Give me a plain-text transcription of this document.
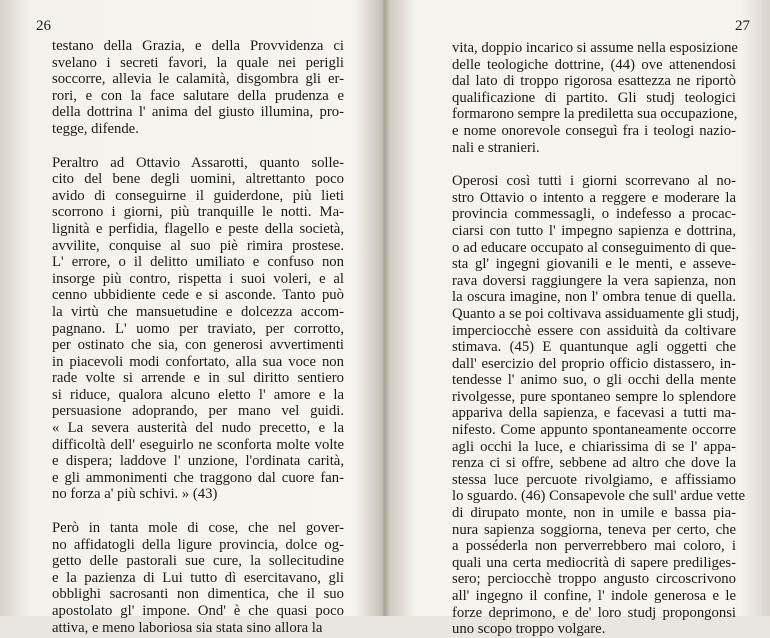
26
testano della Grazia, e della Provvidenza ci
svelano i secreti favori, la quale nei perigli
soccorre, allevia le calamità, disgombra gli er-
rori, e con la face salutare della prudenza e
della dottrina l' anima del giusto illumina, pro-
tegge, difende.
Peraltro ad Ottavio Assarotti, quanto solle-
cito del bene degli uomini, altrettanto poco
avido di conseguirne il guiderdone, più lieti
scorrono i giorni, più tranquille le notti. Ma-
lignità e perfidia, flagello e peste della società,
avvilite, conquise al suo piè rimira prostese.
L' errore, o il delitto umiliato e confuso non
insorge più contro, rispetta i suoi voleri, e al
cenno ubbidiente cede e si asconde. Tanto può
la virtù che mansuetudine e dolcezza accom-
pagnano. L' uomo per traviato, per corrotto,
per ostinato che sia, con generosi avvertimenti
in piacevoli modi confortato, alla sua voce non
rade volte si arrende e in sul diritto sentiero
si riduce, qualora alcuno eletto l' amore e la
persuasione adoprando, per mano vel guidi.
« La severa austerità del nudo precetto, e la
difficoltà dell' eseguirlo ne sconforta molte volte
e dispera; laddove l' unzione, l'ordinata carità,
e gli ammonimenti che traggono dal cuore fan-
no forza a' più schivi. » (43)
Però in tanta mole di cose, che nel gover-
no affidatogli della ligure provincia, dolce og-
getto delle pastorali sue cure, la sollecitudine
e la pazienza di Lui tutto dì esercitavano, gli
obblighi sacrosanti non dimentica, che il suo
apostolato gl' impone. Ond' è che quasi poco
attiva, e meno laboriosa sia stata sino allora la
27
vita, doppio incarico si assume nella esposizione
delle teologiche dottrine, (44) ove attenendosi
dal lato di troppo rigorosa esattezza ne riportò
qualificazione di partito. Gli studj teologici
formarono sempre la prediletta sua occupazione,
e nome onorevole conseguì fra i teologi nazio-
nali e stranieri.
Operosi così tutti i giorni scorrevano al no-
stro Ottavio o intento a reggere e moderare la
provincia commessagli, o indefesso a procac-
ciarsi con tutto l' impegno sapienza e dottrina,
o ad educare occupato al conseguimento di que-
sta gl' ingegni giovanili e le menti, e asseve-
rava doversi raggiungere la vera sapienza, non
la oscura imagine, non l' ombra tenue di quella.
Quanto a se poi coltivava assiduamente gli studj,
imperciocchè essere con assiduità da coltivare
stimava. (45) E quantunque agli oggetti che
dall' esercizio del proprio officio distassero, in-
tendesse l' animo suo, o gli occhi della mente
rivolgesse, pure spontaneo sempre lo splendore
appariva della sapienza, e facevasi a tutti ma-
nifesto. Come appunto spontaneamente occorre
agli occhi la luce, e chiarissima di se l' appa-
renza ci si offre, sebbene ad altro che dove la
stessa luce percuote rivolgiamo, e affissiamo
lo sguardo. (46) Consapevole che sull' ardue vette
di dirupato monte, non in umile e bassa pia-
nura sapienza soggiorna, teneva per certo, che
a posséderla non perverrebbero mai coloro, i
quali una certa mediocrità di sapere prediliges-
sero; perciocchè troppo angusto circoscrivono
all' ingegno il confine, l' indole generosa e le
forze deprimono, e de' loro studj propongonsi
uno scopo troppo volgare.
